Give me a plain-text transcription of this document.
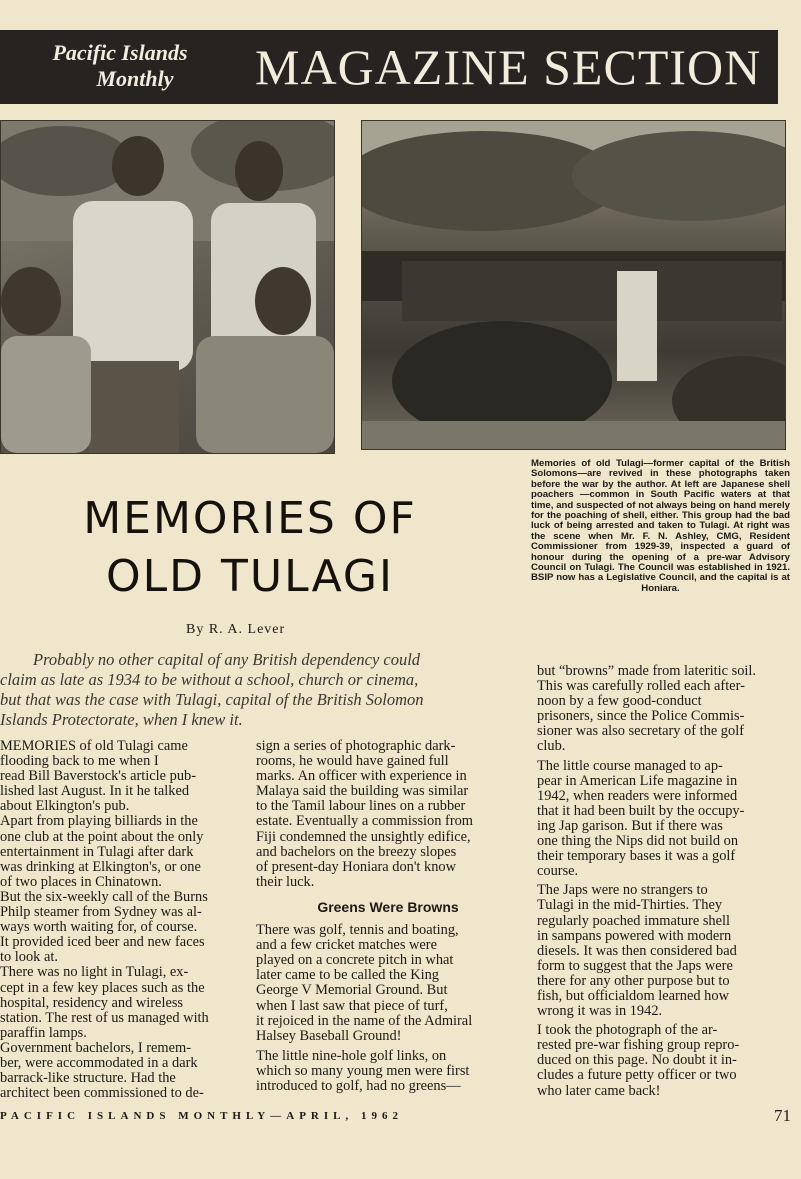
Pacific Islands

Monthly	MAGAZINE SECTION
Memories of old Tulagi—former capital of the British Solomons—are revived in these photographs taken before the war by the author. At left are Japanese shell poachers —common in South Pacific waters at that time, and suspected of not always being on hand merely for the poaching of shell, either. This group had the bad luck of being arrested and taken to Tulagi. At right was the scene when Mr. F. N. Ashley, CMG, Resident Commissioner from 1929-39, inspected a guard of honour during the opening of a pre-war Advisory Council on Tulagi. The Council was established in 1921. BSIP now has a Legislative Council, and the capital is at Honiara.
MEMORIES OF
OLD TULAGI
By R. A. Lever
Probably no other capital of any British dependency could
claim as late as 1934 to be without a school, church or cinema,
but that was the case with Tulagi, capital of the British Solomon
Islands Protectorate, when I knew it.
MEMORIES of old Tulagi came
flooding back to me when I
read Bill Baverstock's article pub-
lished last August. In it he talked
about Elkington's pub.
Apart from playing billiards in the
one club at the point about the only
entertainment in Tulagi after dark
was drinking at Elkington's, or one
of two places in Chinatown.
But the six-weekly call of the Burns
Philp steamer from Sydney was al-
ways worth waiting for, of course.
It provided iced beer and new faces
to look at.
There was no light in Tulagi, ex-
cept in a few key places such as the
hospital, residency and wireless
station. The rest of us managed with
paraffin lamps.
Government bachelors, I remem-
ber, were accommodated in a dark
barrack-like structure. Had the
architect been commissioned to de-
sign a series of photographic dark-
rooms, he would have gained full
marks. An officer with experience in
Malaya said the building was similar
to the Tamil labour lines on a rubber
estate. Eventually a commission from
Fiji condemned the unsightly edifice,
and bachelors on the breezy slopes
of present-day Honiara don't know
their luck.
Greens Were Browns
There was golf, tennis and boating,
and a few cricket matches were
played on a concrete pitch in what
later came to be called the King
George V Memorial Ground. But
when I last saw that piece of turf,
it rejoiced in the name of the Admiral
Halsey Baseball Ground!
The little nine-hole golf links, on
which so many young men were first
introduced to golf, had no greens—
but “browns” made from lateritic soil.
This was carefully rolled each after-
noon by a few good-conduct
prisoners, since the Police Commis-
sioner was also secretary of the golf
club.
The little course managed to ap-
pear in American Life magazine in
1942, when readers were informed
that it had been built by the occupy-
ing Jap garison. But if there was
one thing the Nips did not build on
their temporary bases it was a golf
course.
The Japs were no strangers to
Tulagi in the mid-Thirties. They
regularly poached immature shell
in sampans powered with modern
diesels. It was then considered bad
form to suggest that the Japs were
there for any other purpose but to
fish, but officialdom learned how
wrong it was in 1942.
I took the photograph of the ar-
rested pre-war fishing group repro-
duced on this page. No doubt it in-
cludes a future petty officer or two
who later came back!
PACIFIC ISLANDS MONTHLY—APRIL, 1962	71
